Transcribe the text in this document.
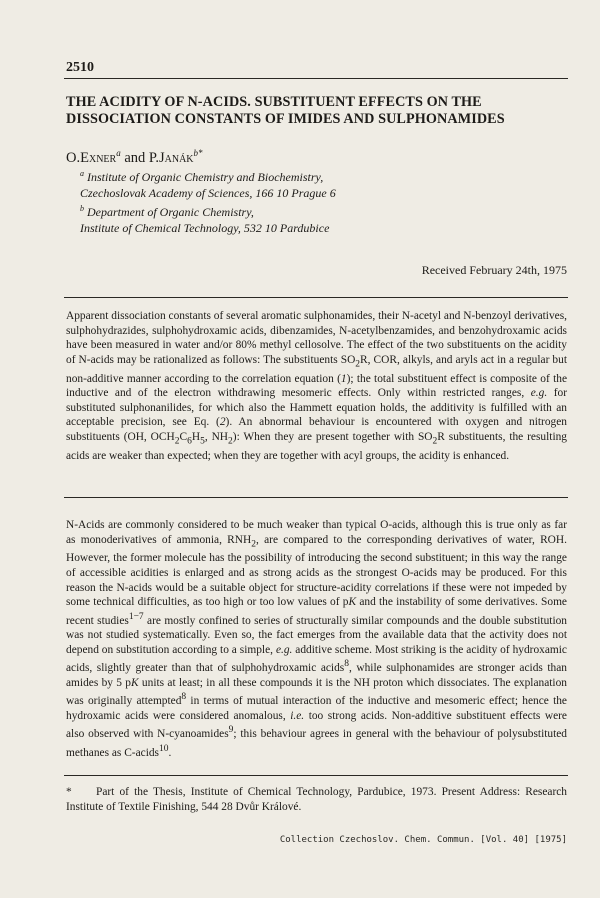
2510
THE ACIDITY OF N-ACIDS. SUBSTITUENT EFFECTS ON THE DISSOCIATION CONSTANTS OF IMIDES AND SULPHONAMIDES
O.Exner$^a$ and P.Janák$^{b*}$
$^a$ Institute of Organic Chemistry and Biochemistry,
Czechoslovak Academy of Sciences, 166 10 Prague 6
$^b$ Department of Organic Chemistry,
Institute of Chemical Technology, 532 10 Pardubice
Received February 24th, 1975

Apparent dissociation constants of several aromatic sulphonamides, their N-acetyl and N-benzoyl derivatives, sulphohydrazides, sulphohydroxamic acids, dibenzamides, N-acetylbenzamides, and benzohydroxamic acids have been measured in water and/or 80% methyl cellosolve. The effect of the two substituents on the acidity of N-acids may be rationalized as follows: The substituents $SO_2R$, COR, alkyls, and aryls act in a regular but non-additive manner according to the correlation equation (1); the total substituent effect is composite of the inductive and of the electron withdrawing mesomeric effects. Only within restricted ranges, e.g. for substituted sulphonanilides, for which also the Hammett equation holds, the additivity is fulfilled with an acceptable precision, see Eq. (2). An abnormal behaviour is encountered with oxygen and nitrogen substituents (OH, $OCH_2C_6H_5$, $NH_2$): When they are present together with $SO_2R$ substituents, the resulting acids are weaker than expected; when they are together with acyl groups, the acidity is enhanced.

N-Acids are commonly considered to be much weaker than typical O-acids, although this is true only as far as monoderivatives of ammonia, $RNH_2$, are compared to the corresponding derivatives of water, ROH. However, the former molecule has the possibility of introducing the second substituent; in this way the range of accessible acidities is enlarged and as strong acids as the strongest O-acids may be produced. For this reason the N-acids would be a suitable object for structure-acidity correlations if these were not impeded by some technical difficulties, as too high or too low values of pK and the instability of some derivatives. Some recent studies$^{1-7}$ are mostly confined to series of structurally similar compounds and the double substitution was not studied systematically. Even so, the fact emerges from the available data that the activity does not depend on substitution according to a simple, e.g. additive scheme. Most striking is the acidity of hydroxamic acids, slightly greater than that of sulphohydroxamic acids$^8$, while sulphonamides are stronger acids than amides by 5 pK units at least; in all these compounds it is the NH proton which dissociates. The explanation was originally attempted$^8$ in terms of mutual interaction of the inductive and mesomeric effect; hence the hydroxamic acids were considered anomalous, i.e. too strong acids. Non-additive substituent effects were also observed with N-cyanoamides$^9$; this behaviour agrees in general with the behaviour of polysubstituted methanes as C-acids$^{10}$.

* Part of the Thesis, Institute of Chemical Technology, Pardubice, 1973. Present Address: Research Institute of Textile Finishing, 544 28 Dvůr Králové.

Collection Czechoslov. Chem. Commun. [Vol. 40] [1975]
